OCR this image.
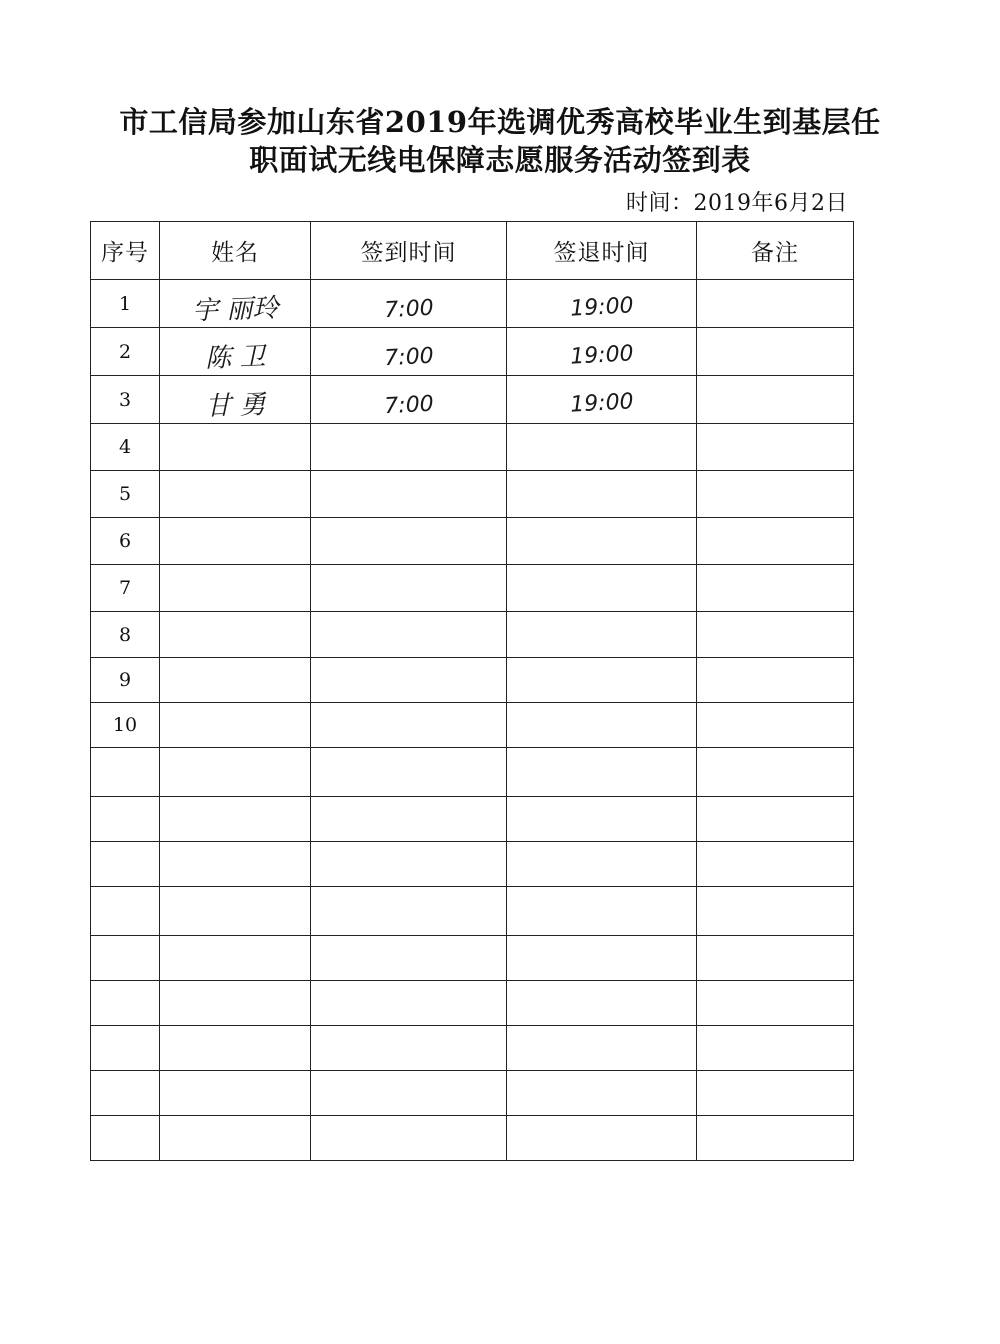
市工信局参加山东省2019年选调优秀高校毕业生到基层任
职面试无线电保障志愿服务活动签到表
时间：2019年6月2日
序号	姓名	签到时间	签退时间	备注
1	宇 丽玲	7:00	19:00	
2	陈 卫	7:00	19:00	
3	甘 勇	7:00	19:00	
4				
5				
6				
7				
8				
9				
10				
